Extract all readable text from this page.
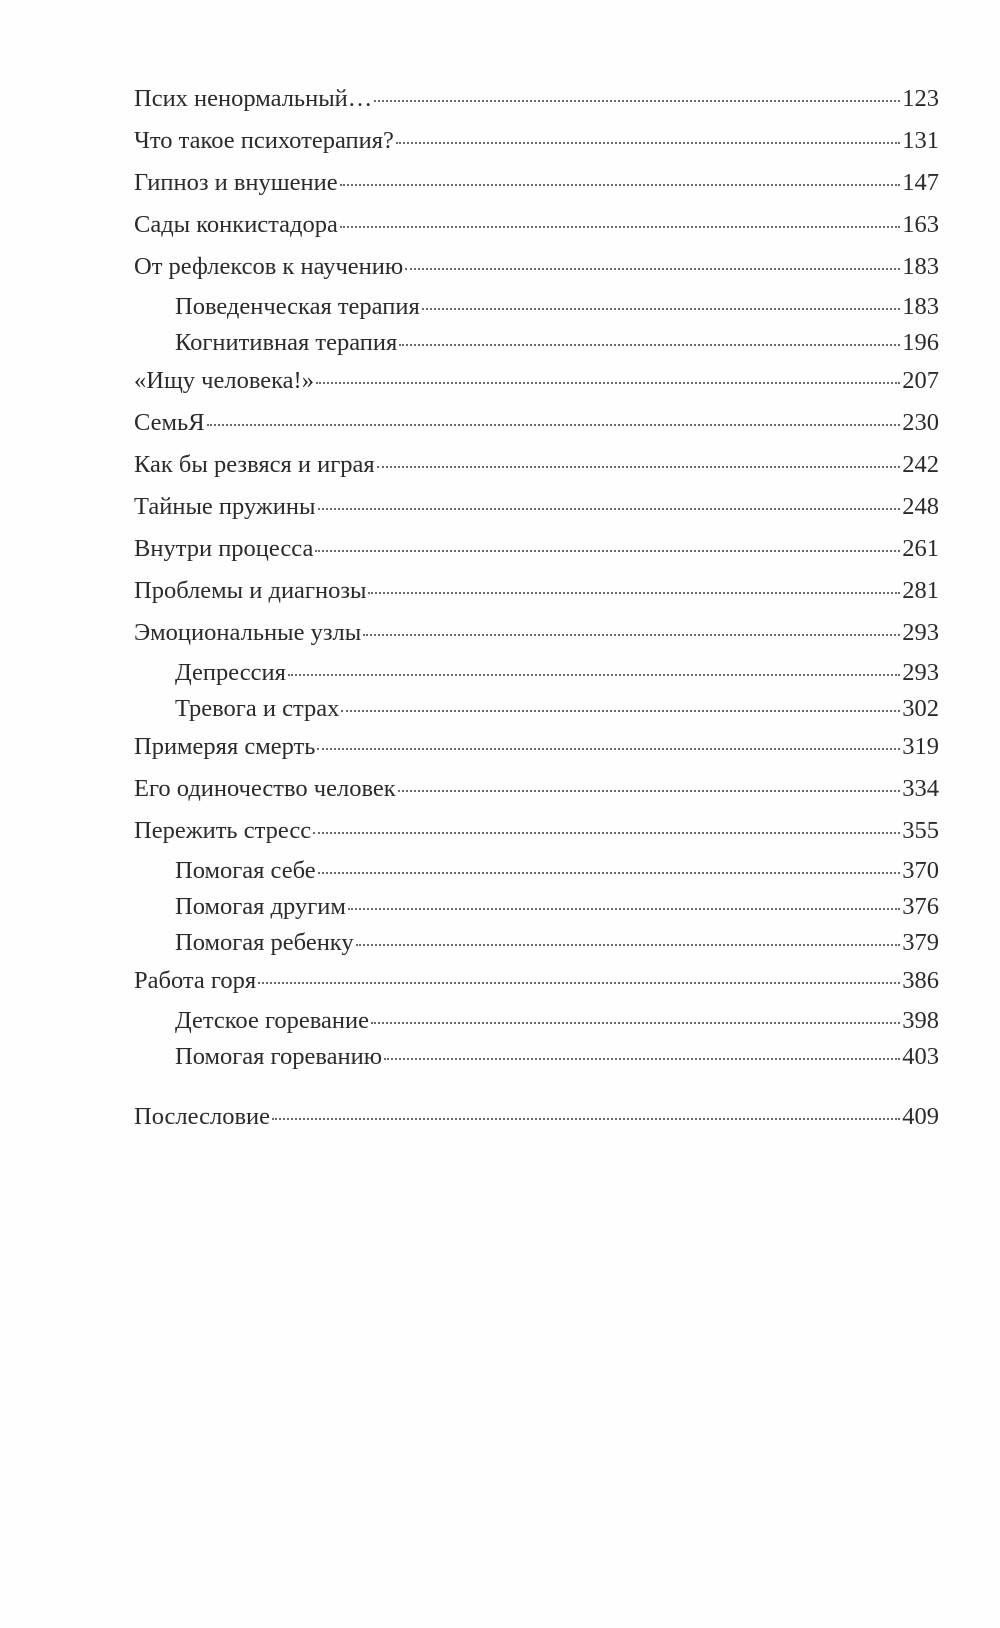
Псих ненормальный…	123
Что такое психотерапия?	131
Гипноз и внушение	147
Сады конкистадора	163
От рефлексов к научению	183
Поведенческая терапия	183
Когнитивная терапия	196
«Ищу человека!»	207
СемьЯ	230
Как бы резвяся и играя	242
Тайные пружины	248
Внутри процесса	261
Проблемы и диагнозы	281
Эмоциональные узлы	293
Депрессия	293
Тревога и страх	302
Примеряя смерть	319
Его одиночество человек	334
Пережить стресс	355
Помогая себе	370
Помогая другим	376
Помогая ребенку	379
Работа горя	386
Детское горевание	398
Помогая гореванию	403
Послесловие	409
